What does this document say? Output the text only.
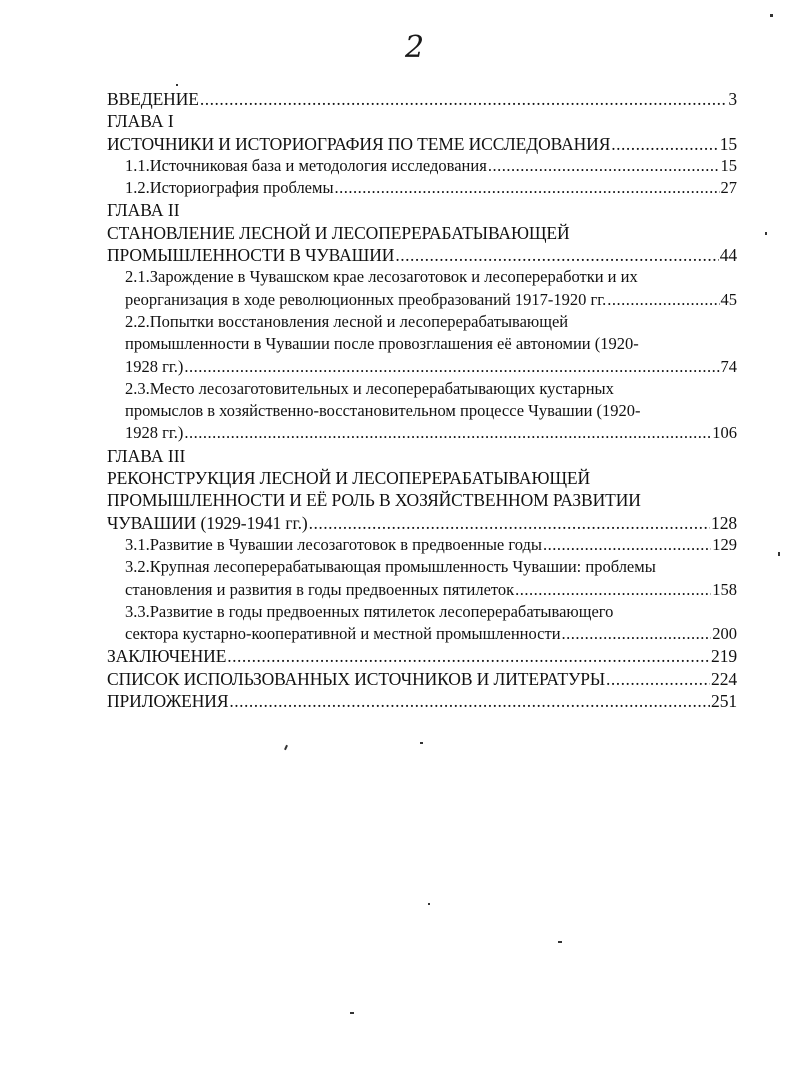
2
ВВЕДЕНИЕ .....	3
ГЛАВА I
ИСТОЧНИКИ И ИСТОРИОГРАФИЯ ПО ТЕМЕ ИССЛЕДОВАНИЯ .....	15
1.1.Источниковая база и методология исследования .....	15
1.2.Историография проблемы .....	27
ГЛАВА II
СТАНОВЛЕНИЕ ЛЕСНОЙ И ЛЕСОПЕРЕРАБАТЫВАЮЩЕЙ
ПРОМЫШЛЕННОСТИ В ЧУВАШИИ .....	44
2.1.Зарождение в Чувашском крае лесозаготовок и лесопереработки и их
реорганизация в ходе революционных преобразований 1917-1920 гг. .....	45
2.2.Попытки восстановления лесной и лесоперерабатывающей
промышленности в Чувашии после провозглашения её автономии (1920-
1928 гг.) .....	74
2.3.Место лесозаготовительных и лесоперерабатывающих кустарных
промыслов в хозяйственно-восстановительном процессе Чувашии (1920-
1928 гг.) .....	106
ГЛАВА III
РЕКОНСТРУКЦИЯ ЛЕСНОЙ И ЛЕСОПЕРЕРАБАТЫВАЮЩЕЙ
ПРОМЫШЛЕННОСТИ И ЕЁ РОЛЬ В ХОЗЯЙСТВЕННОМ РАЗВИТИИ
ЧУВАШИИ (1929-1941 гг.) .....	128
3.1.Развитие в Чувашии лесозаготовок в предвоенные годы .....	129
3.2.Крупная лесоперерабатывающая промышленность Чувашии: проблемы
становления и развития в годы предвоенных пятилеток .....	158
3.3.Развитие в годы предвоенных пятилеток лесоперерабатывающего
сектора кустарно-кооперативной и местной промышленности .....	200
ЗАКЛЮЧЕНИЕ .....	219
СПИСОК ИСПОЛЬЗОВАННЫХ ИСТОЧНИКОВ И ЛИТЕРАТУРЫ .....	224
ПРИЛОЖЕНИЯ .....	251
